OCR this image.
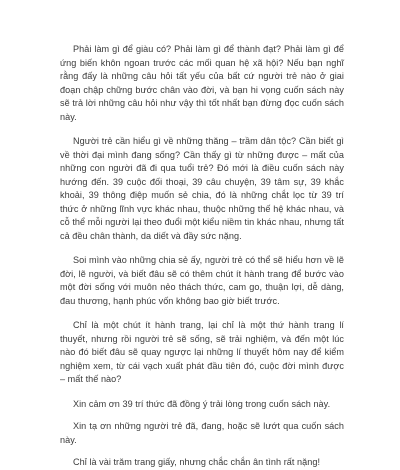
Phải làm gì để giàu có? Phải làm gì để thành đạt? Phải làm gì để ứng biến khôn ngoan trước các mối quan hệ xã hội? Nếu bạn nghĩ rằng đấy là những câu hỏi tất yếu của bất cứ người trẻ nào ở giai đoạn chập chững bước chân vào đời, và bạn hi vọng cuốn sách này sẽ trả lời những câu hỏi như vậy thì tốt nhất bạn đừng đọc cuốn sách này.

Người trẻ cần hiểu gì về những thăng – trầm dân tộc? Cần biết gì về thời đại mình đang sống? Cần thấy gì từ những được – mất của những con người đã đi qua tuổi trẻ? Đó mới là điều cuốn sách này hướng đến. 39 cuộc đối thoại, 39 câu chuyện, 39 tâm sự, 39 khắc khoải, 39 thông điệp muốn sẻ chia, đó là những chắt lọc từ 39 trí thức ở những lĩnh vực khác nhau, thuộc những thế hệ khác nhau, và cỗ thể mỗi người lại theo đuổi một kiểu niềm tin khác nhau, nhưng tất cả đều chân thành, da diết và đầy sức nặng.

Soi mình vào những chia sẻ ấy, người trẻ có thể sẽ hiểu hơn về lẽ đời, lẽ người, và biết đâu sẽ có thêm chút ít hành trang để bước vào một đời sống với muôn nẻo thách thức, cam go, thuận lợi, dễ dàng, đau thương, hạnh phúc vốn không bao giờ biết trước.

Chỉ là một chút ít hành trang, lại chỉ là một thứ hành trang lí thuyết, nhưng rồi người trẻ sẽ sống, sẽ trải nghiệm, và đến một lúc nào đó biết đâu sẽ quay ngược lại những lí thuyết hôm nay để kiểm nghiệm xem, từ cái vạch xuất phát đầu tiên đó, cuộc đời mình được – mất thế nào?

Xin cảm ơn 39 trí thức đã đồng ý trải lòng trong cuốn sách này.

Xin tạ ơn những người trẻ đã, đang, hoặc sẽ lướt qua cuốn sách này.

Chỉ là vài trăm trang giấy, nhưng chắc chắn ân tình rất nặng!
